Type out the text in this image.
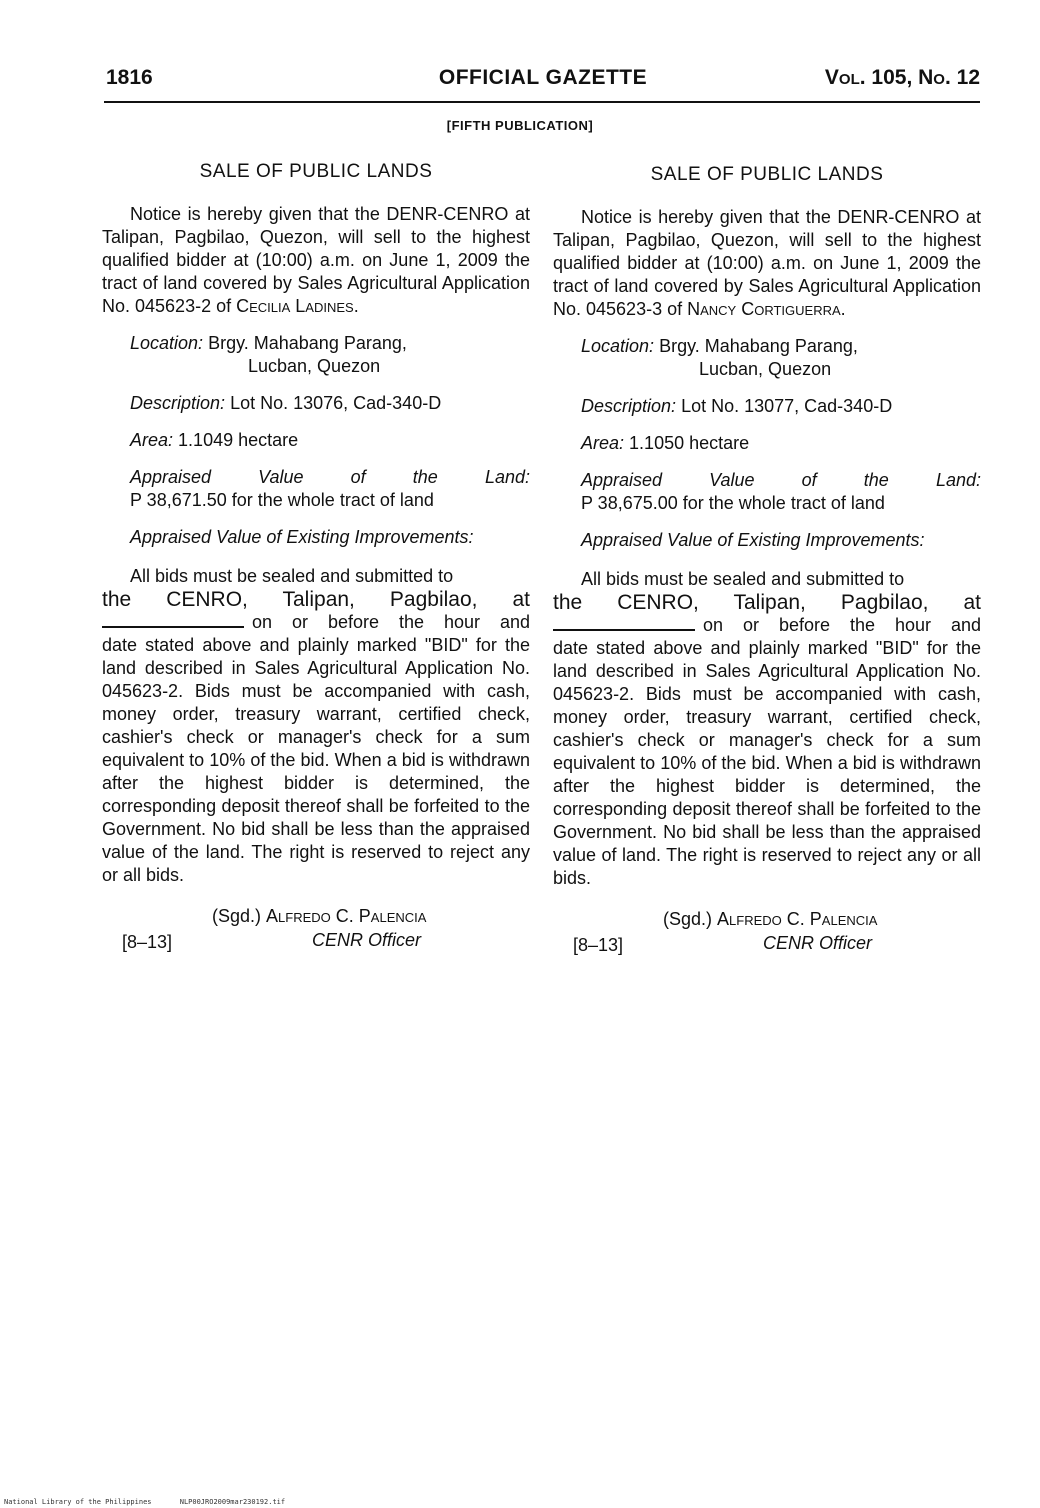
1816	OFFICIAL GAZETTE	Vol. 105, No. 12
[FIFTH PUBLICATION]
SALE OF PUBLIC LANDS
Notice is hereby given that the DENR-CENRO at Talipan, Pagbilao, Quezon, will sell to the highest qualified bidder at (10:00) a.m. on June 1, 2009 the tract of land covered by Sales Agricultural Application No. 045623-2 of Cecilia Ladines.
Location: Brgy. Mahabang Parang,
Lucban, Quezon
Description: Lot No. 13076, Cad-340-D
Area: 1.1049 hectare
Appraised Value of the Land:
P 38,671.50 for the whole tract of land
Appraised Value of Existing Improvements:
All bids must be sealed and submitted to
the CENRO, Talipan, Pagbilao, at
on or before the hour and
date stated above and plainly marked "BID" for the land described in Sales Agricultural Application No. 045623-2. Bids must be accompanied with cash, money order, treasury warrant, certified check, cashier's check or manager's check for a sum equivalent to 10% of the bid. When a bid is withdrawn after the highest bidder is determined, the corresponding deposit thereof shall be forfeited to the Government. No bid shall be less than the appraised value of the land. The right is reserved to reject any or all bids.
(Sgd.) Alfredo C. Palencia
CENR Officer
[8–13]
SALE OF PUBLIC LANDS
Notice is hereby given that the DENR-CENRO at Talipan, Pagbilao, Quezon, will sell to the highest qualified bidder at (10:00) a.m. on June 1, 2009 the tract of land covered by Sales Agricultural Application No. 045623-3 of Nancy Cortiguerra.
Location: Brgy. Mahabang Parang,
Lucban, Quezon
Description: Lot No. 13077, Cad-340-D
Area: 1.1050 hectare
Appraised Value of the Land:
P 38,675.00 for the whole tract of land
Appraised Value of Existing Improvements:
All bids must be sealed and submitted to
the CENRO, Talipan, Pagbilao, at
on or before the hour and
date stated above and plainly marked "BID" for the land described in Sales Agricultural Application No. 045623-2. Bids must be accompanied with cash, money order, treasury warrant, certified check, cashier's check or manager's check for a sum equivalent to 10% of the bid. When a bid is withdrawn after the highest bidder is determined, the corresponding deposit thereof shall be forfeited to the Government. No bid shall be less than the appraised value of land. The right is reserved to reject any or all bids.
(Sgd.) Alfredo C. Palencia
CENR Officer
[8–13]
National Library of the Philippines	NLP00JRO2009mar230192.tif
